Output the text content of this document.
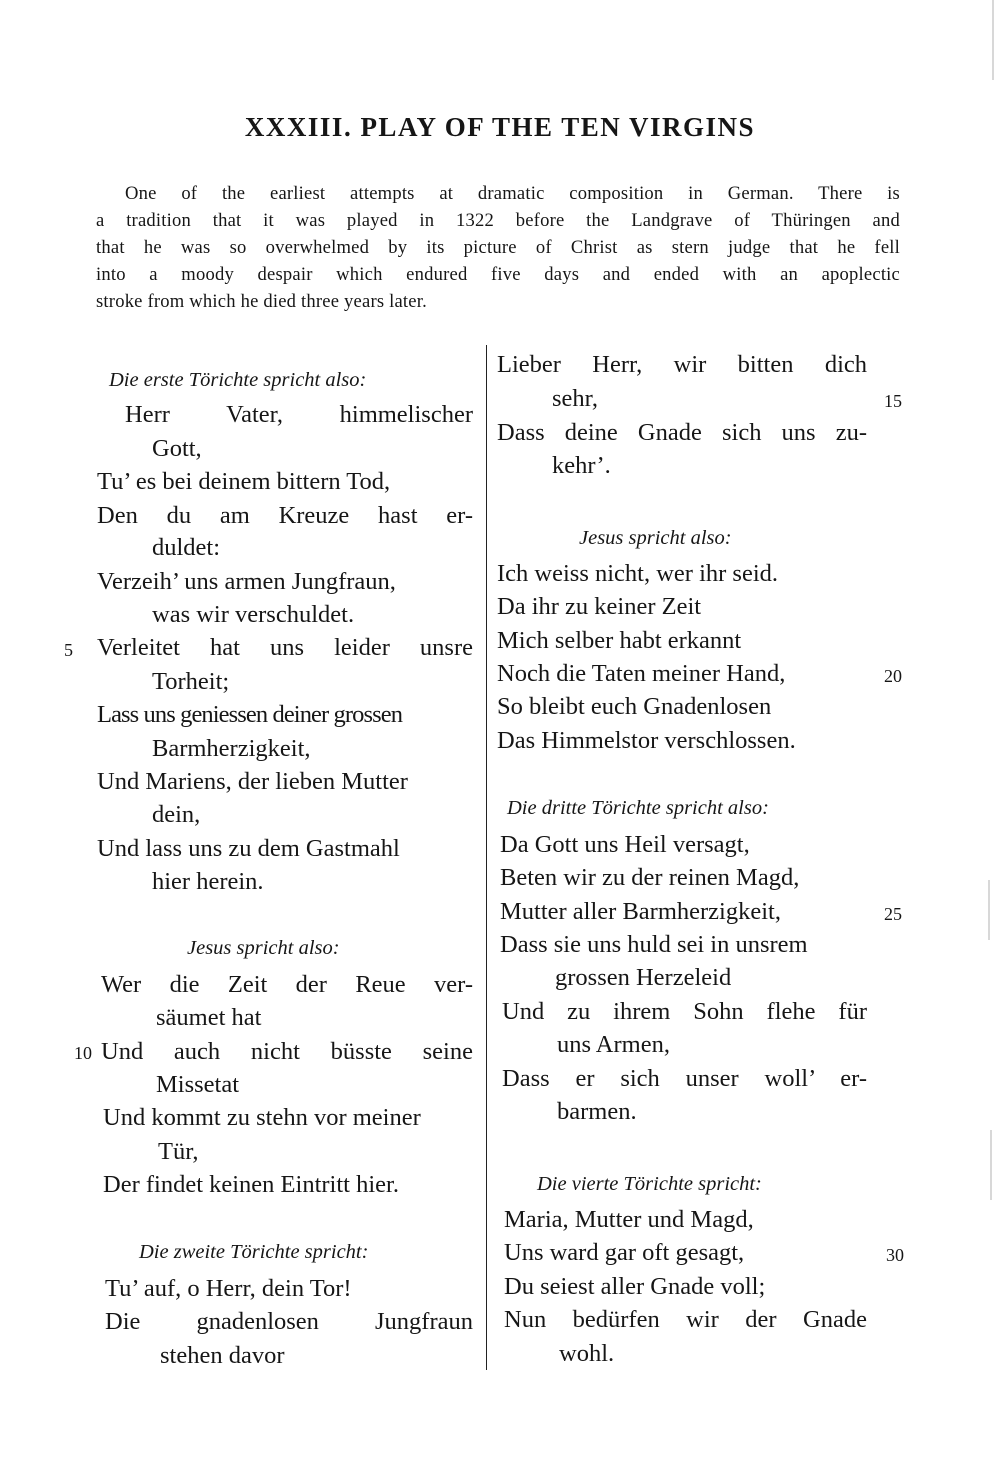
XXXIII. PLAY OF THE TEN VIRGINS
One of the earliest attempts at dramatic composition in German. There is
a tradition that it was played in 1322 before the Landgrave of Thüringen and
that he was so overwhelmed by its picture of Christ as stern judge that he fell
into a moody despair which endured five days and ended with an apoplectic
stroke from which he died three years later.
Die erste Törichte spricht also:
Herr Vater, himmelischer
Gott,
Tu’ es bei deinem bittern Tod,
Den du am Kreuze hast er-
duldet:
Verzeih’ uns armen Jungfraun,
was wir verschuldet.
Verleitet hat uns leider unsre
Torheit;
Lass uns geniessen deiner grossen
Barmherzigkeit,
Und Mariens, der lieben Mutter
dein,
Und lass uns zu dem Gastmahl
hier herein.
Jesus spricht also:
Wer die Zeit der Reue ver-
säumet hat
Und auch nicht büsste seine
Missetat
Und kommt zu stehn vor meiner
Tür,
Der findet keinen Eintritt hier.
Die zweite Törichte spricht:
Tu’ auf, o Herr, dein Tor!
Die gnadenlosen Jungfraun
stehen davor
5
10
Lieber Herr, wir bitten dich
sehr,
Dass deine Gnade sich uns zu-
kehr’.
Jesus spricht also:
Ich weiss nicht, wer ihr seid.
Da ihr zu keiner Zeit
Mich selber habt erkannt
Noch die Taten meiner Hand,
So bleibt euch Gnadenlosen
Das Himmelstor verschlossen.
Die dritte Törichte spricht also:
Da Gott uns Heil versagt,
Beten wir zu der reinen Magd,
Mutter aller Barmherzigkeit,
Dass sie uns huld sei in unsrem
grossen Herzeleid
Und zu ihrem Sohn flehe für
uns Armen,
Dass er sich unser woll’ er-
barmen.
Die vierte Törichte spricht:
Maria, Mutter und Magd,
Uns ward gar oft gesagt,
Du seiest aller Gnade voll;
Nun bedürfen wir der Gnade
wohl.
15
20
25
30
